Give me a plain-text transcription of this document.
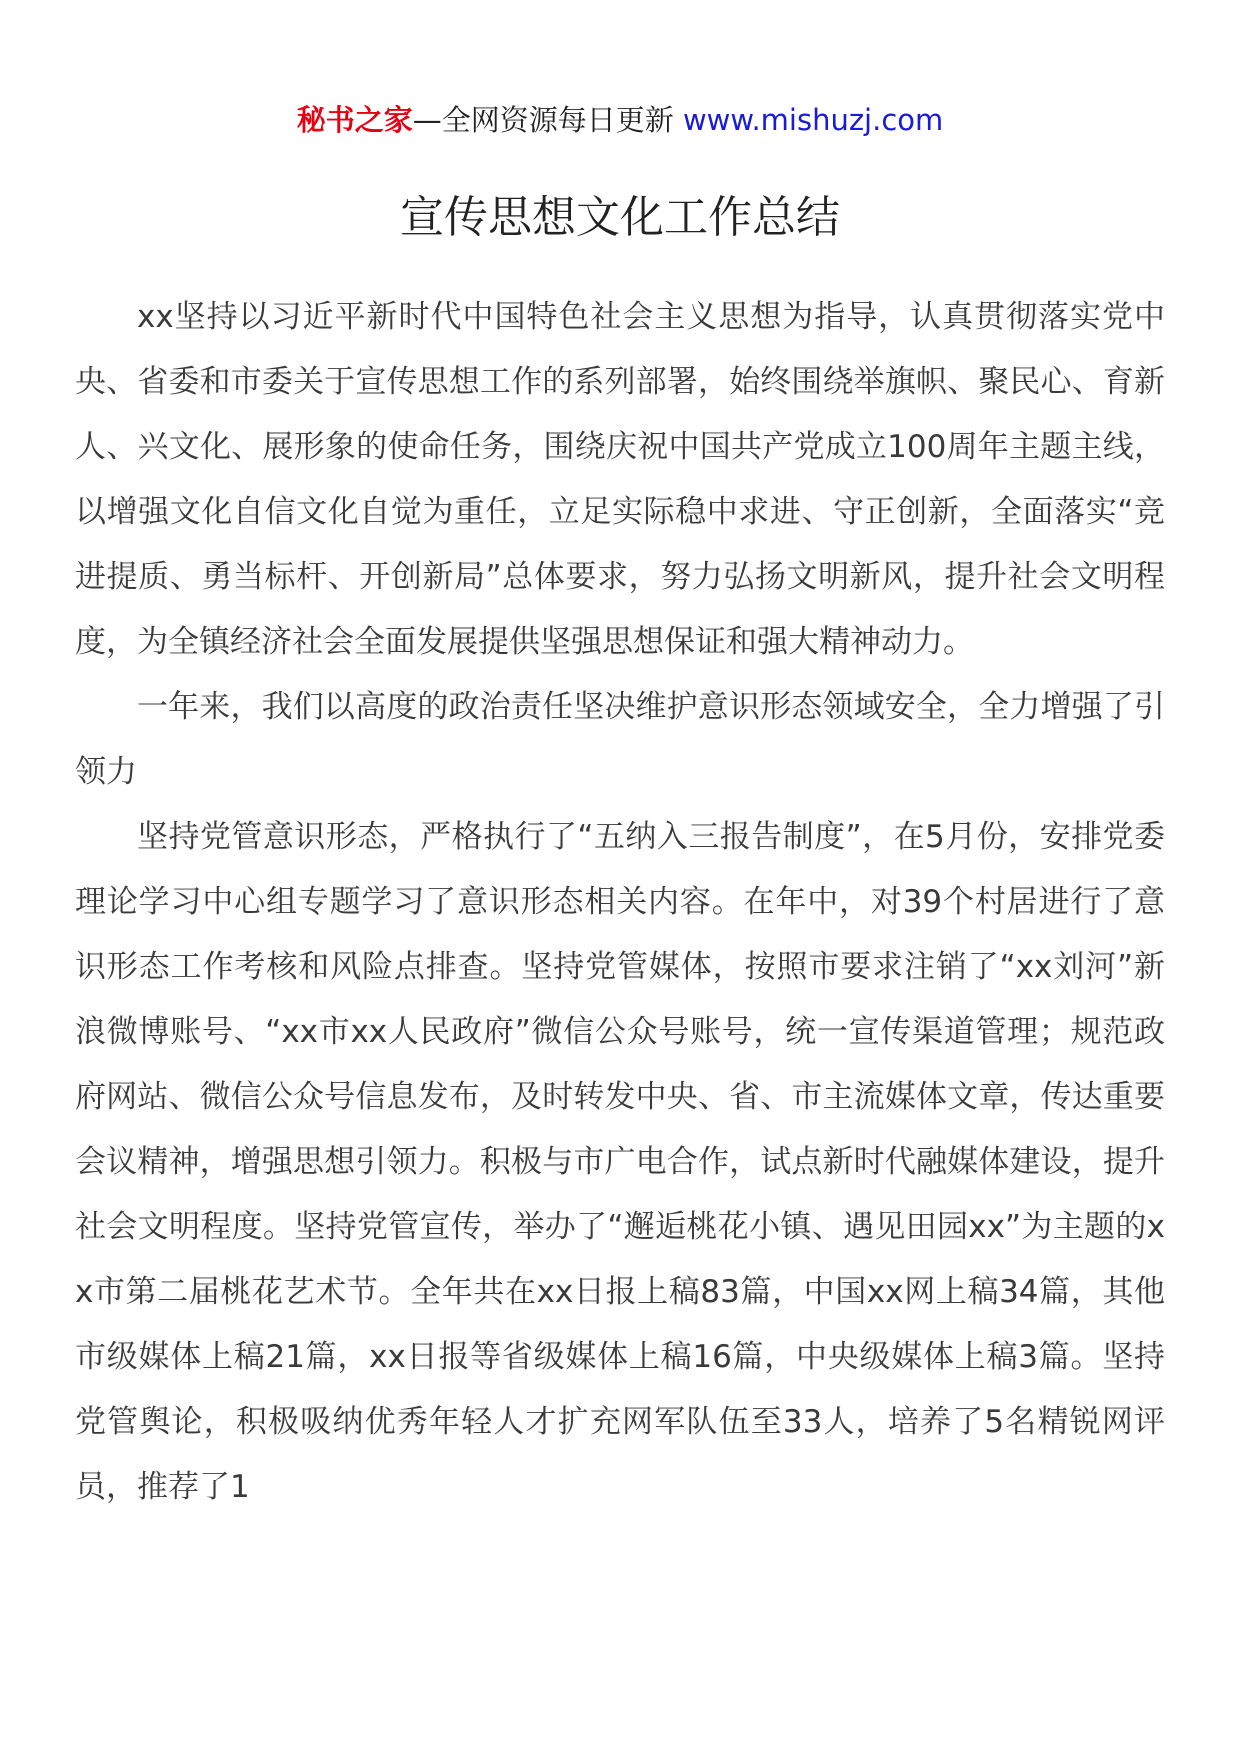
秘书之家—全网资源每日更新 www.mishuzj.com
宣传思想文化工作总结

xx坚持以习近平新时代中国特色社会主义思想为指导，认真贯彻落实党中央、省委和市委关于宣传思想工作的系列部署，始终围绕举旗帜、聚民心、育新人、兴文化、展形象的使命任务，围绕庆祝中国共产党成立100周年主题主线，以增强文化自信文化自觉为重任，立足实际稳中求进、守正创新，全面落实“竞进提质、勇当标杆、开创新局”总体要求，努力弘扬文明新风，提升社会文明程度，为全镇经济社会全面发展提供坚强思想保证和强大精神动力。

一年来，我们以高度的政治责任坚决维护意识形态领域安全，全力增强了引领力

坚持党管意识形态，严格执行了“五纳入三报告制度”，在5月份，安排党委理论学习中心组专题学习了意识形态相关内容。在年中，对39个村居进行了意识形态工作考核和风险点排查。坚持党管媒体，按照市要求注销了“xx刘河”新浪微博账号、“xx市xx人民政府”微信公众号账号，统一宣传渠道管理；规范政府网站、微信公众号信息发布，及时转发中央、省、市主流媒体文章，传达重要会议精神，增强思想引领力。积极与市广电合作，试点新时代融媒体建设，提升社会文明程度。坚持党管宣传，举办了“邂逅桃花小镇、遇见田园xx”为主题的xx市第二届桃花艺术节。全年共在xx日报上稿83篇，中国xx网上稿34篇，其他市级媒体上稿21篇，xx日报等省级媒体上稿16篇，中央级媒体上稿3篇。坚持党管舆论，积极吸纳优秀年轻人才扩充网军队伍至33人，培养了5名精锐网评员，推荐了1
